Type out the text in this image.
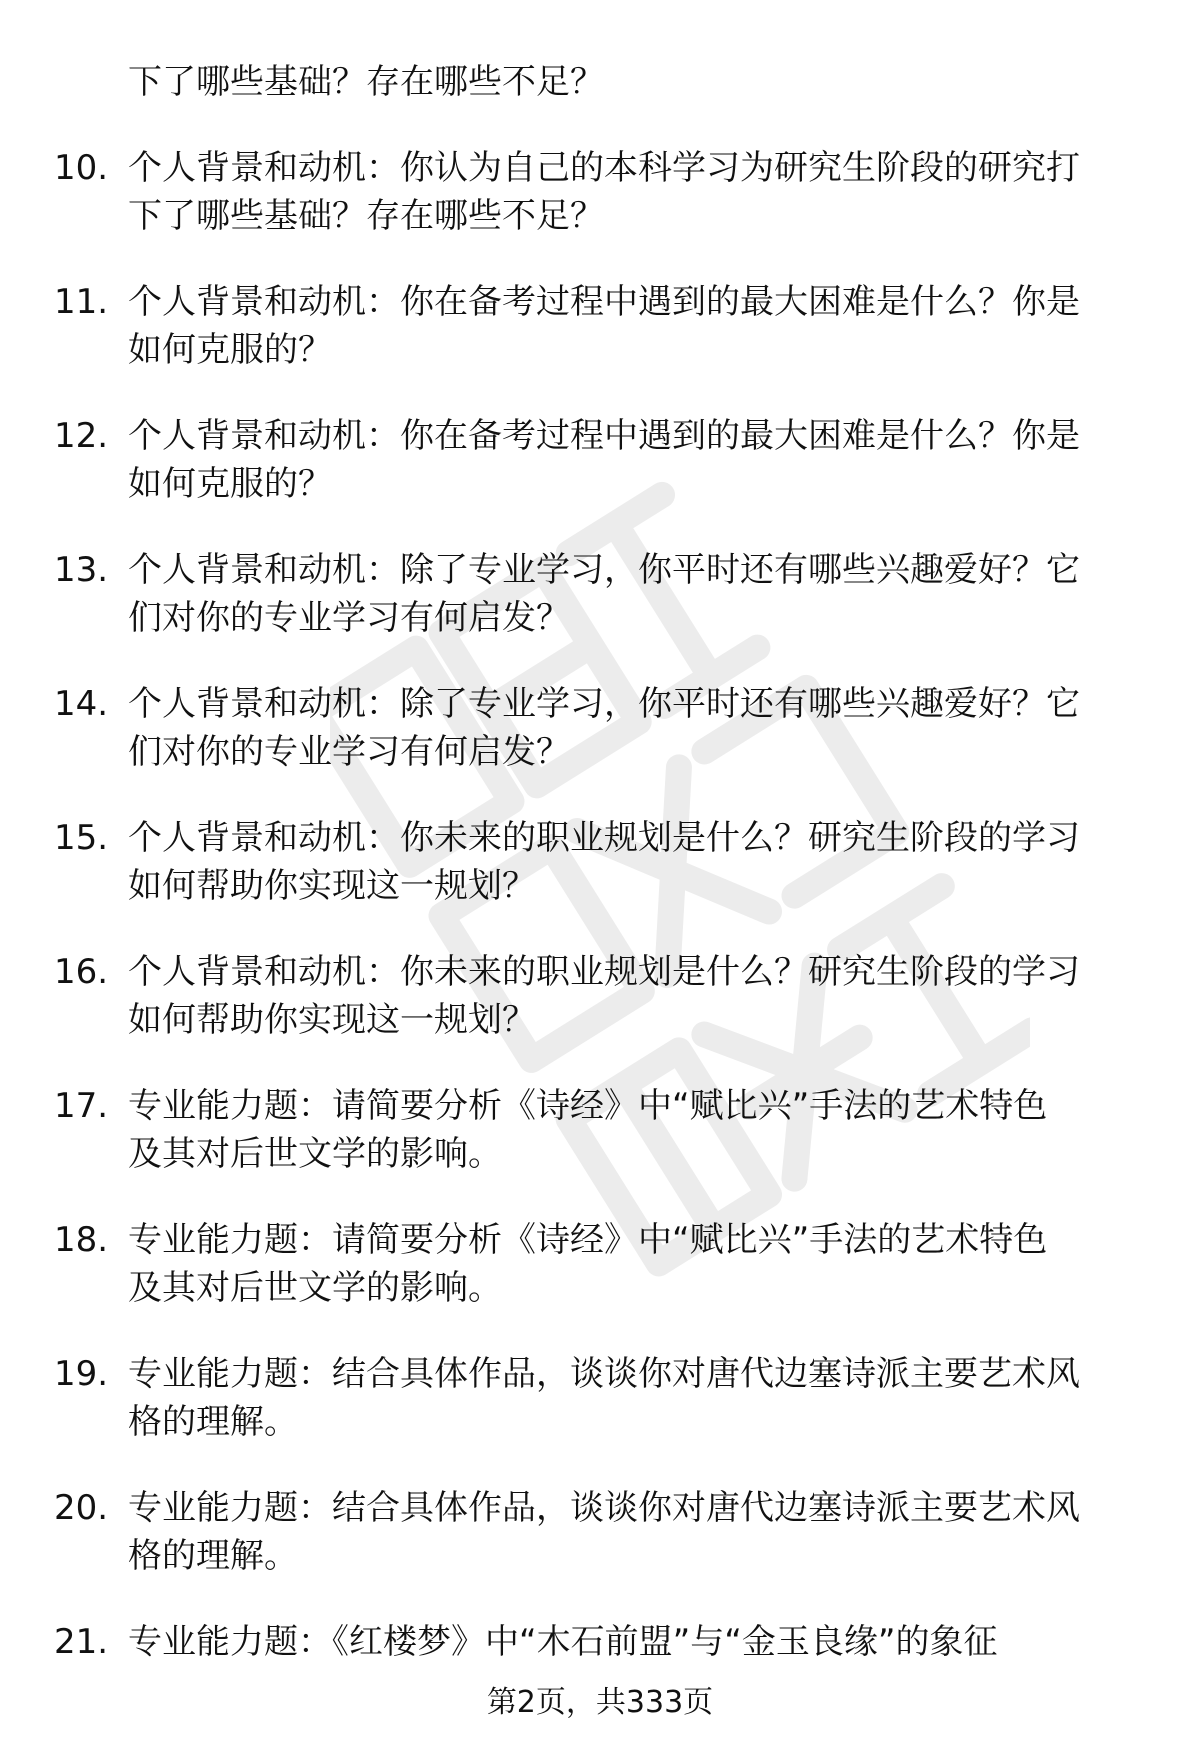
下了哪些基础？存在哪些不足？
10. 个人背景和动机：你认为自己的本科学习为研究生阶段的研究打
下了哪些基础？存在哪些不足？
11. 个人背景和动机：你在备考过程中遇到的最大困难是什么？你是
如何克服的？
12. 个人背景和动机：你在备考过程中遇到的最大困难是什么？你是
如何克服的？
13. 个人背景和动机：除了专业学习，你平时还有哪些兴趣爱好？它
们对你的专业学习有何启发？
14. 个人背景和动机：除了专业学习，你平时还有哪些兴趣爱好？它
们对你的专业学习有何启发？
15. 个人背景和动机：你未来的职业规划是什么？研究生阶段的学习
如何帮助你实现这一规划？
16. 个人背景和动机：你未来的职业规划是什么？研究生阶段的学习
如何帮助你实现这一规划？
17. 专业能力题：请简要分析《诗经》中“赋比兴”手法的艺术特色
及其对后世文学的影响。
18. 专业能力题：请简要分析《诗经》中“赋比兴”手法的艺术特色
及其对后世文学的影响。
19. 专业能力题：结合具体作品，谈谈你对唐代边塞诗派主要艺术风
格的理解。
20. 专业能力题：结合具体作品，谈谈你对唐代边塞诗派主要艺术风
格的理解。
21. 专业能力题：《红楼梦》中“木石前盟”与“金玉良缘”的象征
第2页，共333页
